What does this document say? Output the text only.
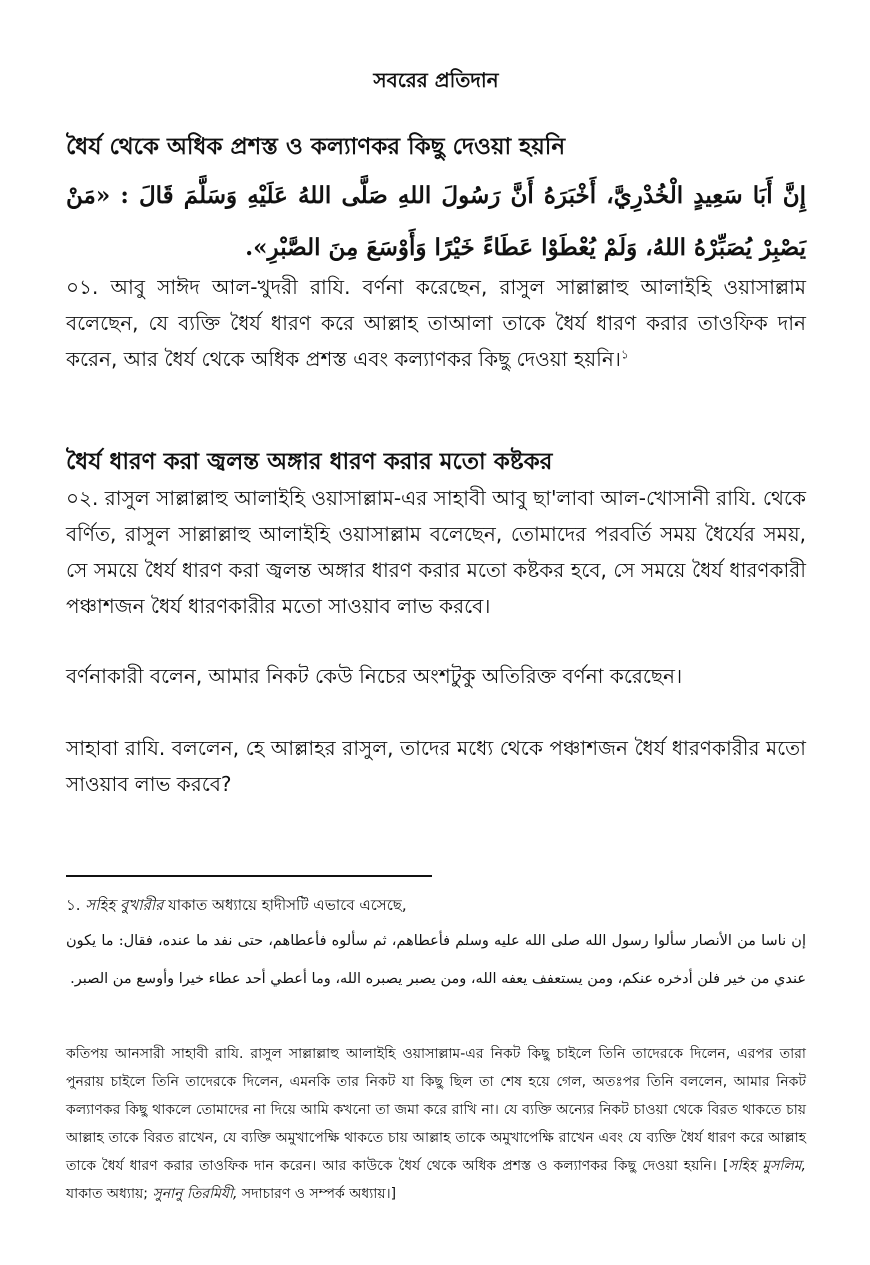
সবরের প্রতিদান
ধৈর্য থেকে অধিক প্রশস্ত ও কল্যাণকর কিছু দেওয়া হয়নি
إِنَّ أَبَا سَعِيدٍ الْخُدْرِيَّ، أَخْبَرَهُ أَنَّ رَسُولَ اللهِ صَلَّى اللهُ عَلَيْهِ وَسَلَّمَ قَالَ : «مَنْ يَصْبِرْ يُصَبِّرْهُ اللهُ، وَلَمْ يُعْطَوْا عَطَاءً خَيْرًا وَأَوْسَعَ مِنَ الصَّبْرِ».
০১. আবু সাঈদ আল-খুদরী রাযি. বর্ণনা করেছেন, রাসুল সাল্লাল্লাহু আলাইহি ওয়াসাল্লাম বলেছেন, যে ব্যক্তি ধৈর্য ধারণ করে আল্লাহ তাআলা তাকে ধৈর্য ধারণ করার তাওফিক দান করেন, আর ধৈর্য থেকে অধিক প্রশস্ত এবং কল্যাণকর কিছু দেওয়া হয়নি।$^১$
ধৈর্য ধারণ করা জ্বলন্ত অঙ্গার ধারণ করার মতো কষ্টকর
০২. রাসুল সাল্লাল্লাহু আলাইহি ওয়াসাল্লাম-এর সাহাবী আবু ছা'লাবা আল-খোসানী রাযি. থেকে বর্ণিত, রাসুল সাল্লাল্লাহু আলাইহি ওয়াসাল্লাম বলেছেন, তোমাদের পরবর্তি সময় ধৈর্যের সময়, সে সময়ে ধৈর্য ধারণ করা জ্বলন্ত অঙ্গার ধারণ করার মতো কষ্টকর হবে, সে সময়ে ধৈর্য ধারণকারী পঞ্চাশজন ধৈর্য ধারণকারীর মতো সাওয়াব লাভ করবে।
বর্ণনাকারী বলেন, আমার নিকট কেউ নিচের অংশটুকু অতিরিক্ত বর্ণনা করেছেন।
সাহাবা রাযি. বললেন, হে আল্লাহর রাসুল, তাদের মধ্যে থেকে পঞ্চাশজন ধৈর্য ধারণকারীর মতো সাওয়াব লাভ করবে?
১. সহিহ বুখারীর যাকাত অধ্যায়ে হাদীসটি এভাবে এসেছে,
إن ناسا من الأنصار سألوا رسول الله صلى الله عليه وسلم فأعطاهم، ثم سألوه فأعطاهم، حتى نفد ما عنده، فقال: ما يكون عندي من خير فلن أدخره عنكم، ومن يستعفف يعفه الله، ومن يصبر يصبره الله، وما أعطي أحد عطاء خيرا وأوسع من الصبر.
কতিপয় আনসারী সাহাবী রাযি. রাসুল সাল্লাল্লাহু আলাইহি ওয়াসাল্লাম-এর নিকট কিছু চাইলে তিনি তাদেরকে দিলেন, এরপর তারা পুনরায় চাইলে তিনি তাদেরকে দিলেন, এমনকি তার নিকট যা কিছু ছিল তা শেষ হয়ে গেল, অতঃপর তিনি বললেন, আমার নিকট কল্যাণকর কিছু থাকলে তোমাদের না দিয়ে আমি কখনো তা জমা করে রাখি না। যে ব্যক্তি অন্যের নিকট চাওয়া থেকে বিরত থাকতে চায় আল্লাহ তাকে বিরত রাখেন, যে ব্যক্তি অমুখাপেক্ষি থাকতে চায় আল্লাহ তাকে অমুখাপেক্ষি রাখেন এবং যে ব্যক্তি ধৈর্য ধারণ করে আল্লাহ তাকে ধৈর্য ধারণ করার তাওফিক দান করেন। আর কাউকে ধৈর্য থেকে অধিক প্রশস্ত ও কল্যাণকর কিছু দেওয়া হয়নি। [সহিহ মুসলিম, যাকাত অধ্যায়; সুনানু তিরমিযী, সদাচারণ ও সম্পর্ক অধ্যায়।]
